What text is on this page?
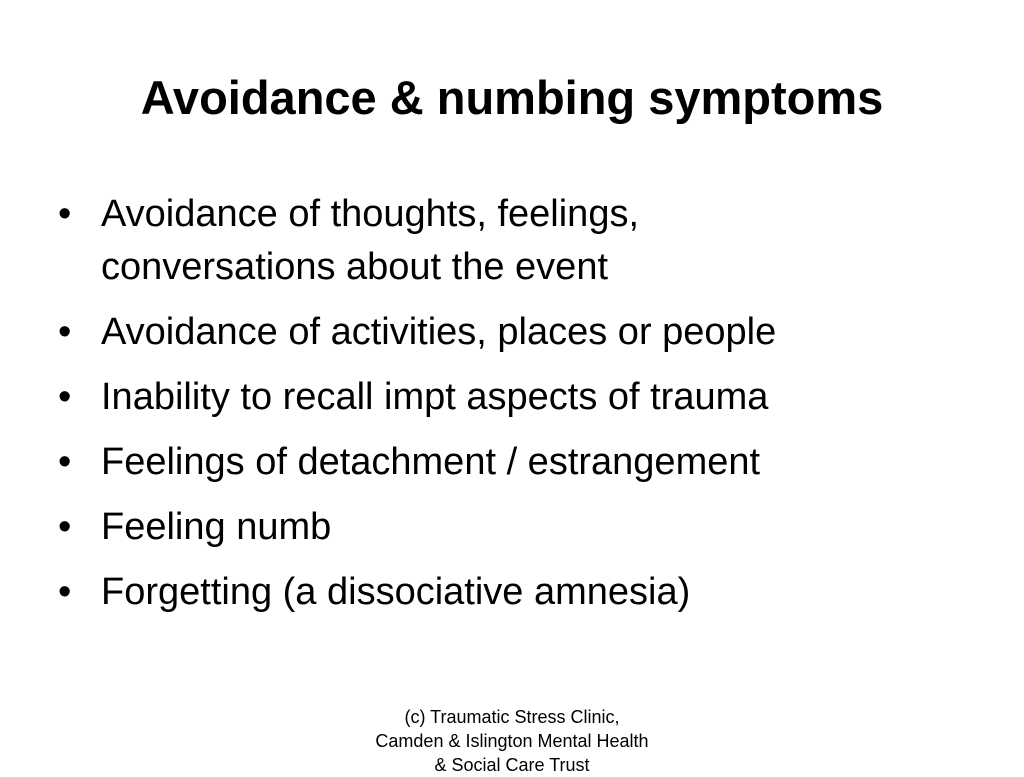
Avoidance & numbing symptoms
• Avoidance of thoughts, feelings,
conversations about the event
• Avoidance of activities, places or people
• Inability to recall impt aspects of trauma
• Feelings of detachment / estrangement
• Feeling numb
• Forgetting (a dissociative amnesia)
(c) Traumatic Stress Clinic,
Camden & Islington Mental Health
& Social Care Trust
